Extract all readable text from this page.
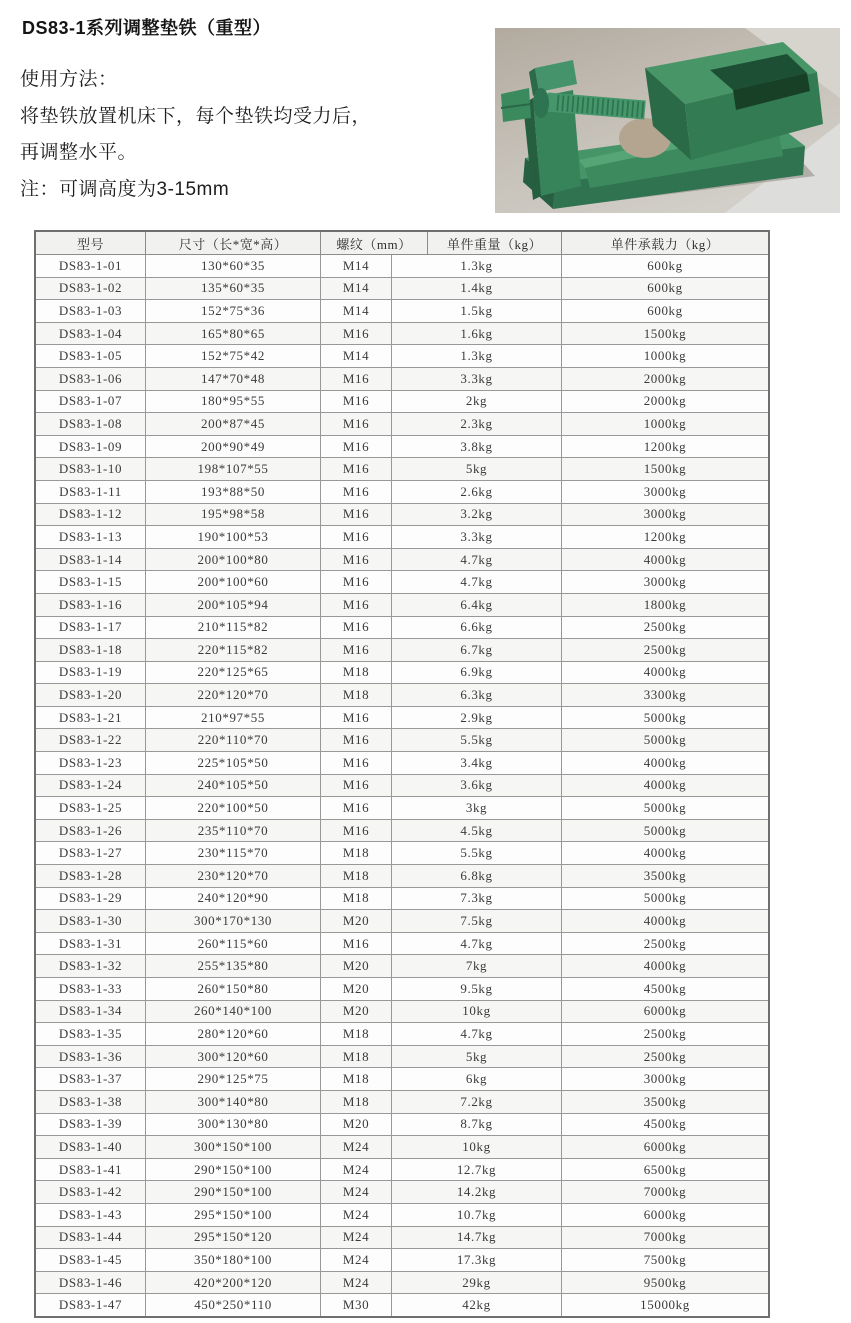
DS83-1系列调整垫铁（重型）
使用方法：
将垫铁放置机床下，每个垫铁均受力后，
再调整水平。
注：可调高度为3-15mm
型号	尺寸（长*宽*高）	螺纹（mm）	单件重量（kg）	单件承载力（kg）
DS83-1-01	130*60*35	M14	1.3kg	600kg
DS83-1-02	135*60*35	M14	1.4kg	600kg
DS83-1-03	152*75*36	M14	1.5kg	600kg
DS83-1-04	165*80*65	M16	1.6kg	1500kg
DS83-1-05	152*75*42	M14	1.3kg	1000kg
DS83-1-06	147*70*48	M16	3.3kg	2000kg
DS83-1-07	180*95*55	M16	2kg	2000kg
DS83-1-08	200*87*45	M16	2.3kg	1000kg
DS83-1-09	200*90*49	M16	3.8kg	1200kg
DS83-1-10	198*107*55	M16	5kg	1500kg
DS83-1-11	193*88*50	M16	2.6kg	3000kg
DS83-1-12	195*98*58	M16	3.2kg	3000kg
DS83-1-13	190*100*53	M16	3.3kg	1200kg
DS83-1-14	200*100*80	M16	4.7kg	4000kg
DS83-1-15	200*100*60	M16	4.7kg	3000kg
DS83-1-16	200*105*94	M16	6.4kg	1800kg
DS83-1-17	210*115*82	M16	6.6kg	2500kg
DS83-1-18	220*115*82	M16	6.7kg	2500kg
DS83-1-19	220*125*65	M18	6.9kg	4000kg
DS83-1-20	220*120*70	M18	6.3kg	3300kg
DS83-1-21	210*97*55	M16	2.9kg	5000kg
DS83-1-22	220*110*70	M16	5.5kg	5000kg
DS83-1-23	225*105*50	M16	3.4kg	4000kg
DS83-1-24	240*105*50	M16	3.6kg	4000kg
DS83-1-25	220*100*50	M16	3kg	5000kg
DS83-1-26	235*110*70	M16	4.5kg	5000kg
DS83-1-27	230*115*70	M18	5.5kg	4000kg
DS83-1-28	230*120*70	M18	6.8kg	3500kg
DS83-1-29	240*120*90	M18	7.3kg	5000kg
DS83-1-30	300*170*130	M20	7.5kg	4000kg
DS83-1-31	260*115*60	M16	4.7kg	2500kg
DS83-1-32	255*135*80	M20	7kg	4000kg
DS83-1-33	260*150*80	M20	9.5kg	4500kg
DS83-1-34	260*140*100	M20	10kg	6000kg
DS83-1-35	280*120*60	M18	4.7kg	2500kg
DS83-1-36	300*120*60	M18	5kg	2500kg
DS83-1-37	290*125*75	M18	6kg	3000kg
DS83-1-38	300*140*80	M18	7.2kg	3500kg
DS83-1-39	300*130*80	M20	8.7kg	4500kg
DS83-1-40	300*150*100	M24	10kg	6000kg
DS83-1-41	290*150*100	M24	12.7kg	6500kg
DS83-1-42	290*150*100	M24	14.2kg	7000kg
DS83-1-43	295*150*100	M24	10.7kg	6000kg
DS83-1-44	295*150*120	M24	14.7kg	7000kg
DS83-1-45	350*180*100	M24	17.3kg	7500kg
DS83-1-46	420*200*120	M24	29kg	9500kg
DS83-1-47	450*250*110	M30	42kg	15000kg
